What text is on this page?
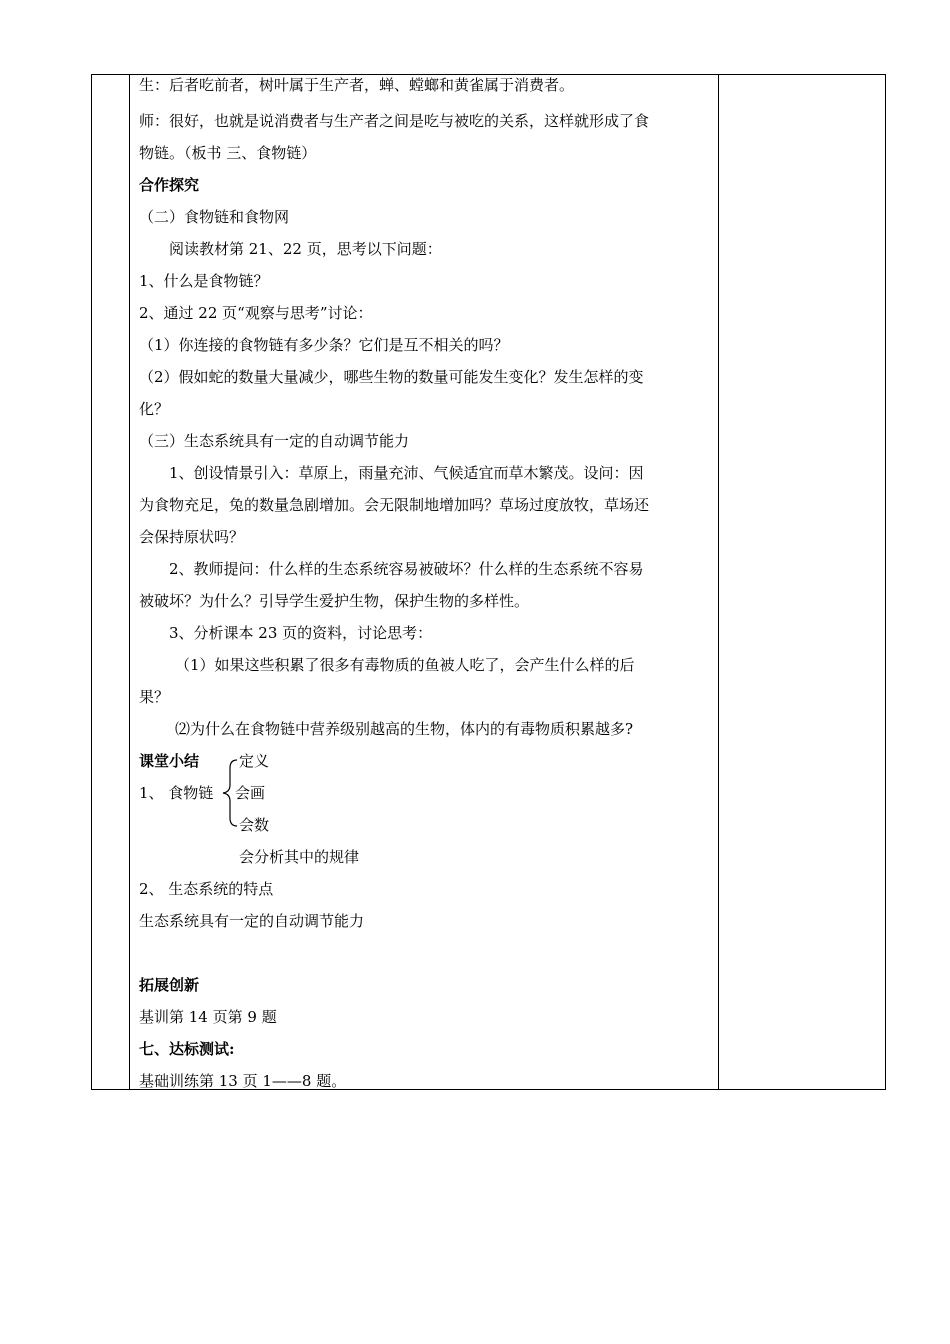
生：后者吃前者，树叶属于生产者，蝉、螳螂和黄雀属于消费者。

师：很好，也就是说消费者与生产者之间是吃与被吃的关系，这样就形成了食

物链。（板书 三、食物链）

合作探究

（二）食物链和食物网

阅读教材第 21、22 页，思考以下问题：

1、什么是食物链？

2、通过 22 页“观察与思考”讨论：

（1）你连接的食物链有多少条？它们是互不相关的吗？

（2）假如蛇的数量大量减少，哪些生物的数量可能发生变化？发生怎样的变

化？

（三）生态系统具有一定的自动调节能力

1、创设情景引入：草原上，雨量充沛、气候适宜而草木繁茂。设问：因

为食物充足，兔的数量急剧增加。会无限制地增加吗？草场过度放牧，草场还

会保持原状吗？

2、教师提问：什么样的生态系统容易被破坏？什么样的生态系统不容易

被破坏？为什么？引导学生爱护生物，保护生物的多样性。

3、分析课本 23 页的资料，讨论思考：

（1）如果这些积累了很多有毒物质的鱼被人吃了，会产生什么样的后

果？

⑵为什么在食物链中营养级别越高的生物，体内的有毒物质积累越多?

课堂小结
1、 食物链
定义
会画
会数
会分析其中的规律

2、 生态系统的特点

生态系统具有一定的自动调节能力

拓展创新

基训第 14 页第 9 题

七、达标测试:

基础训练第 13 页 1——8 题。
